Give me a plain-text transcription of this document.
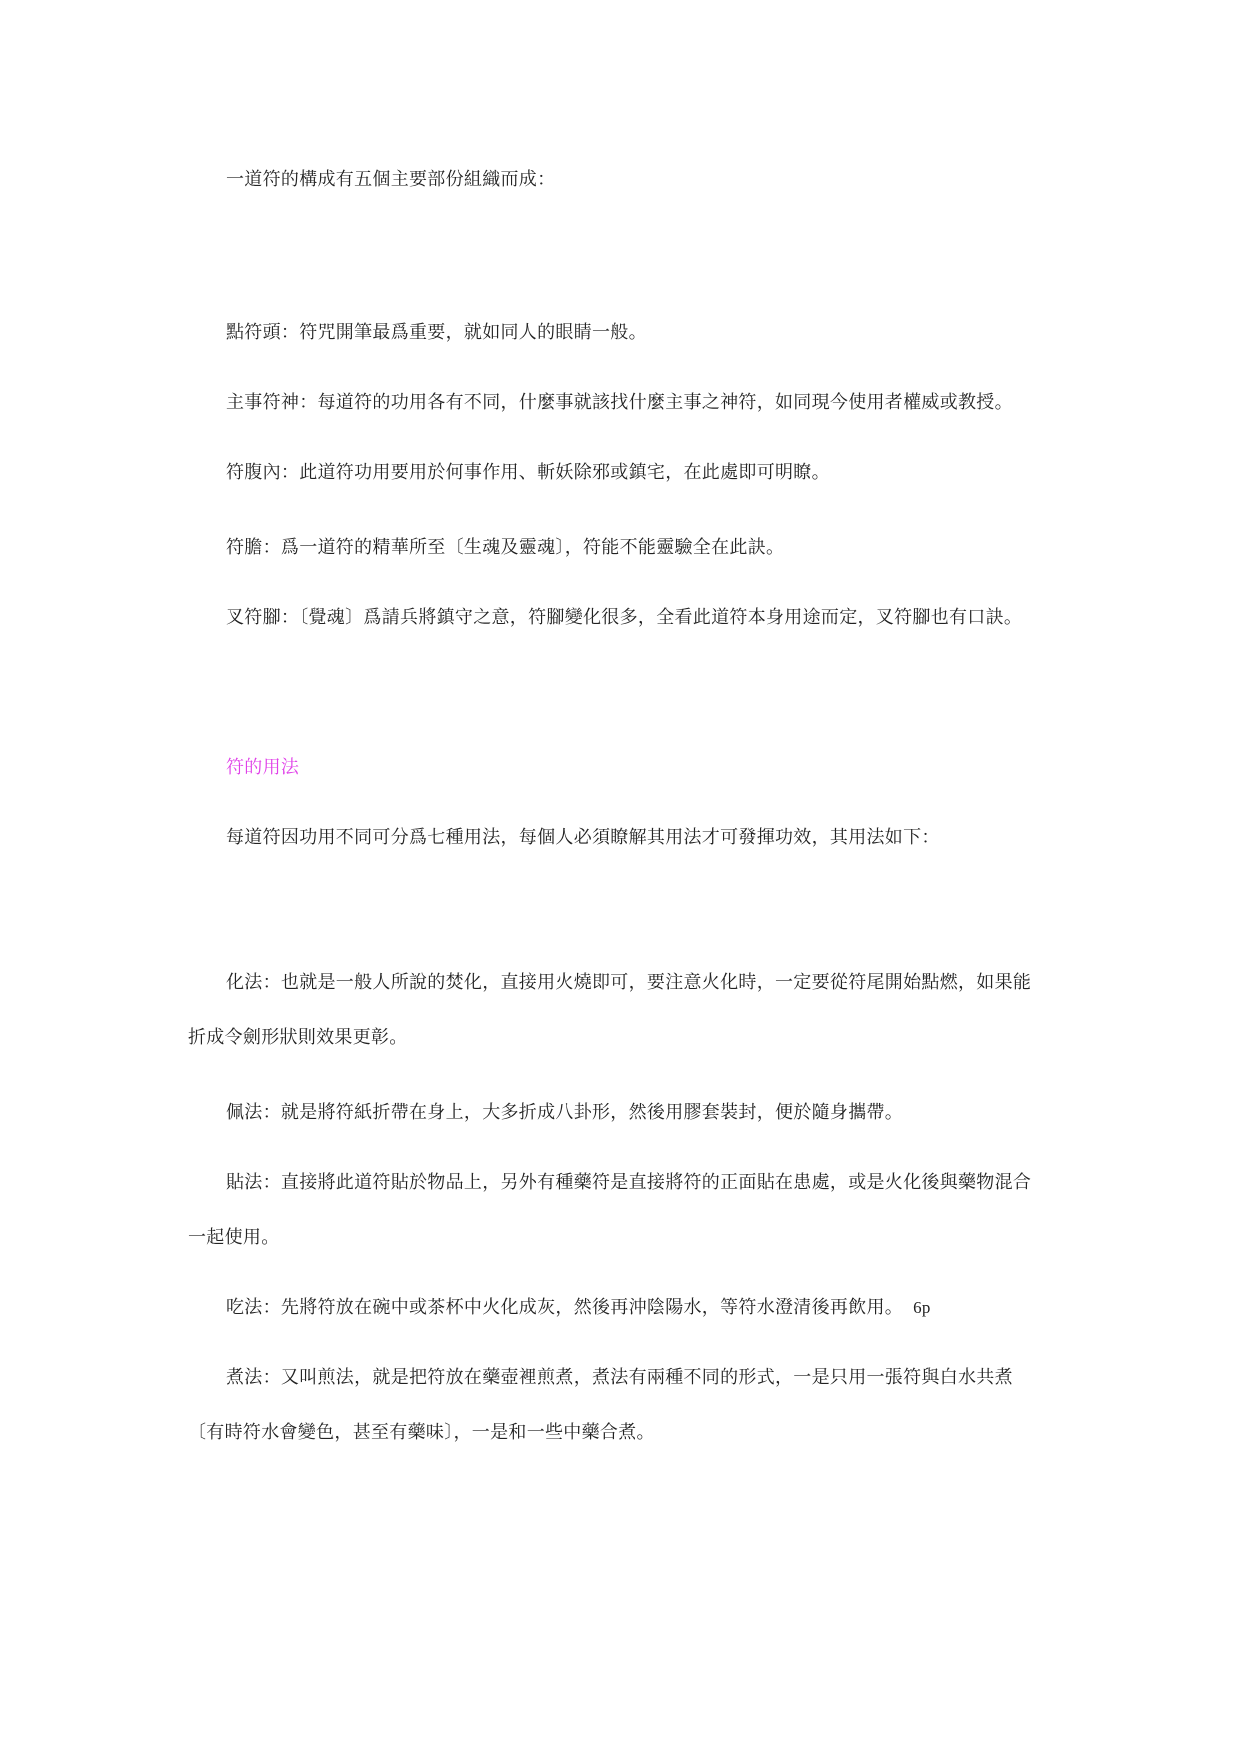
一道符的構成有五個主要部份組織而成：
點符頭：符咒開筆最爲重要，就如同人的眼睛一般。
主事符神：每道符的功用各有不同，什麼事就該找什麼主事之神符，如同現今使用者權威或教授。
符腹內：此道符功用要用於何事作用、斬妖除邪或鎮宅，在此處即可明瞭。
符膽：爲一道符的精華所至〔生魂及靈魂〕，符能不能靈驗全在此訣。
叉符腳：〔覺魂〕爲請兵將鎮守之意，符腳變化很多，全看此道符本身用途而定，叉符腳也有口訣。
符的用法
每道符因功用不同可分爲七種用法，每個人必須瞭解其用法才可發揮功效，其用法如下：
化法：也就是一般人所說的焚化，直接用火燒即可，要注意火化時，一定要從符尾開始點燃，如果能
折成令劍形狀則效果更彰。
佩法：就是將符紙折帶在身上，大多折成八卦形，然後用膠套裝封，便於隨身攜帶。
貼法：直接將此道符貼於物品上，另外有種藥符是直接將符的正面貼在患處，或是火化後與藥物混合
一起使用。
吃法：先將符放在碗中或茶杯中火化成灰，然後再沖陰陽水，等符水澄清後再飲用。 6p
煮法：又叫煎法，就是把符放在藥壺裡煎煮，煮法有兩種不同的形式，一是只用一張符與白水共煮
〔有時符水會變色，甚至有藥味〕，一是和一些中藥合煮。
